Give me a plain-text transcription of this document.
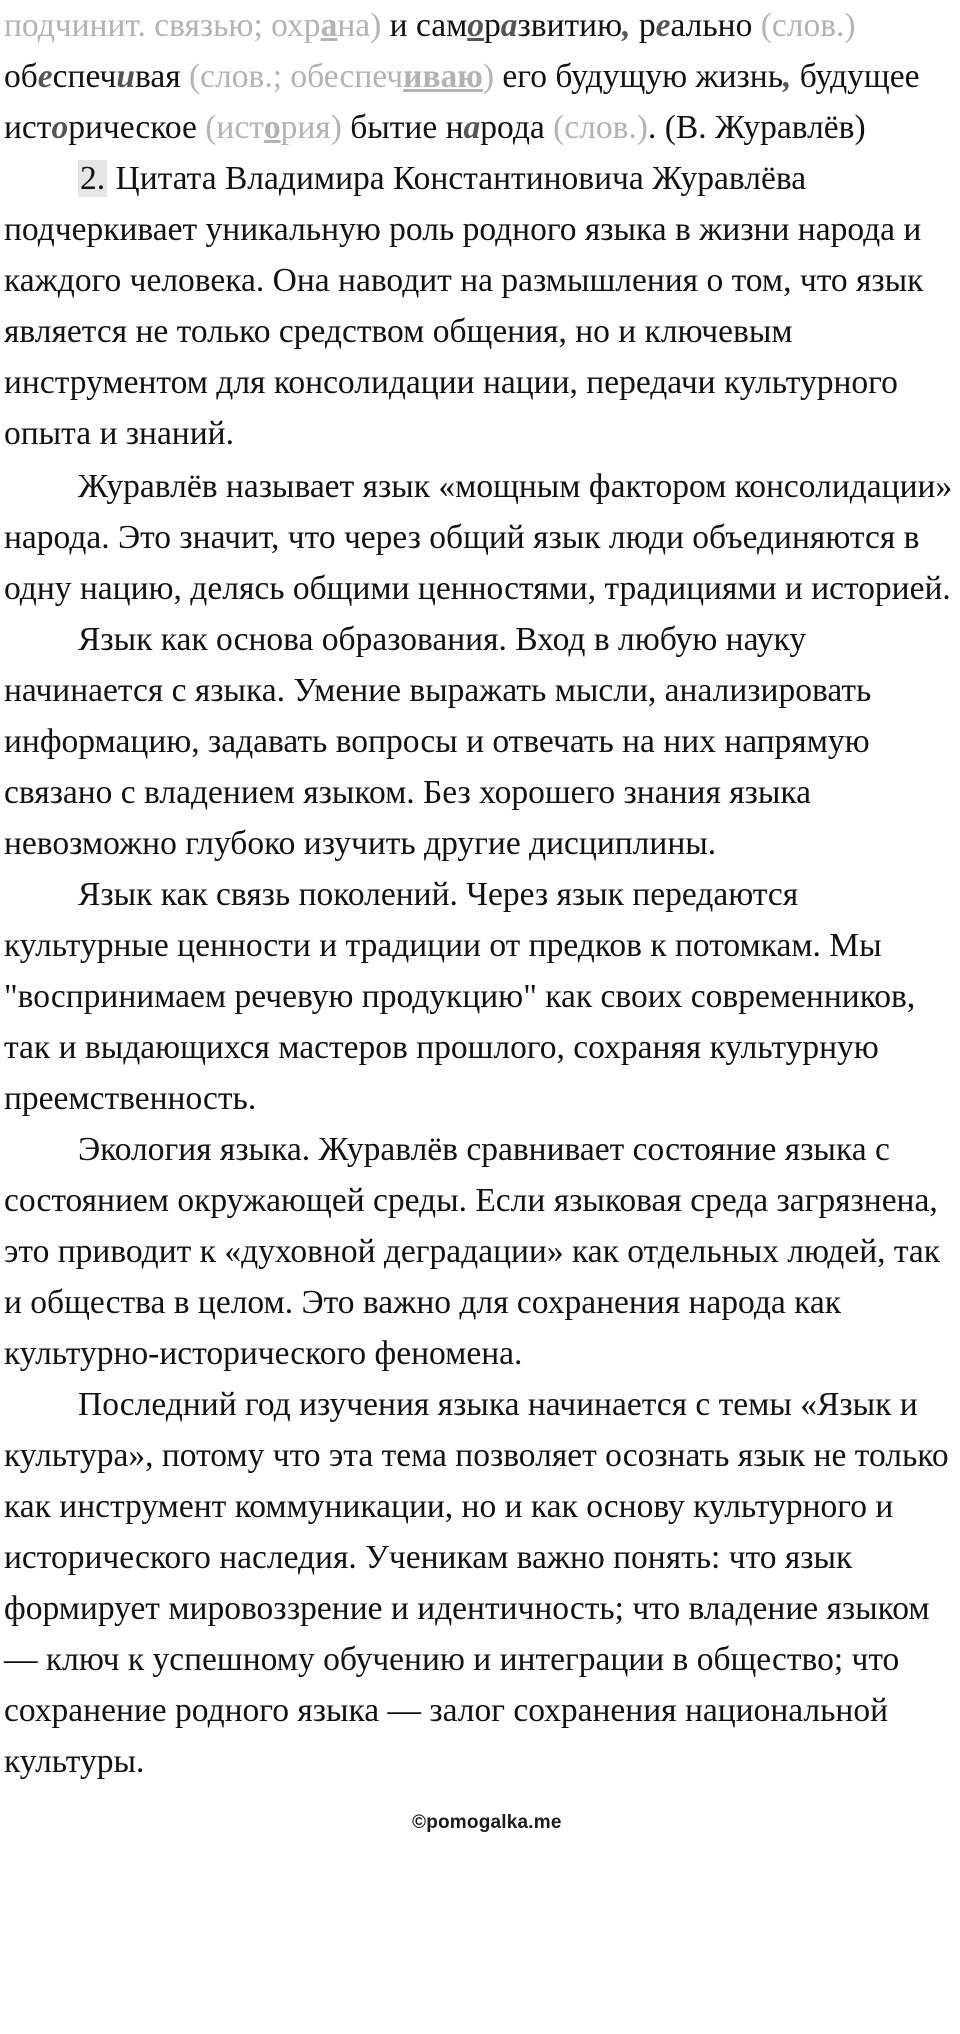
подчинит. связью; охрана) и саморазвитию, реально (слов.) обеспечивая (слов.; обеспечиваю) его будущую жизнь, будущее историческое (история) бытие народа (слов.). (В. Журавлёв)

2. Цитата Владимира Константиновича Журавлёва подчеркивает уникальную роль родного языка в жизни народа и каждого человека. Она наводит на размышления о том, что язык является не только средством общения, но и ключевым инструментом для консолидации нации, передачи культурного опыта и знаний.

Журавлёв называет язык «мощным фактором консолидации» народа. Это значит, что через общий язык люди объединяются в одну нацию, делясь общими ценностями, традициями и историей.

Язык как основа образования. Вход в любую науку начинается с языка. Умение выражать мысли, анализировать информацию, задавать вопросы и отвечать на них напрямую связано с владением языком. Без хорошего знания языка невозможно глубоко изучить другие дисциплины.

Язык как связь поколений. Через язык передаются культурные ценности и традиции от предков к потомкам. Мы "воспринимаем речевую продукцию" как своих современников, так и выдающихся мастеров прошлого, сохраняя культурную преемственность.

Экология языка. Журавлёв сравнивает состояние языка с состоянием окружающей среды. Если языковая среда загрязнена, это приводит к «духовной деградации» как отдельных людей, так и общества в целом. Это важно для сохранения народа как культурно-исторического феномена.

Последний год изучения языка начинается с темы «Язык и культура», потому что эта тема позволяет осознать язык не только как инструмент коммуникации, но и как основу культурного и исторического наследия. Ученикам важно понять: что язык формирует мировоззрение и идентичность; что владение языком — ключ к успешному обучению и интеграции в общество; что сохранение родного языка — залог сохранения национальной культуры.

©pomogalka.me
